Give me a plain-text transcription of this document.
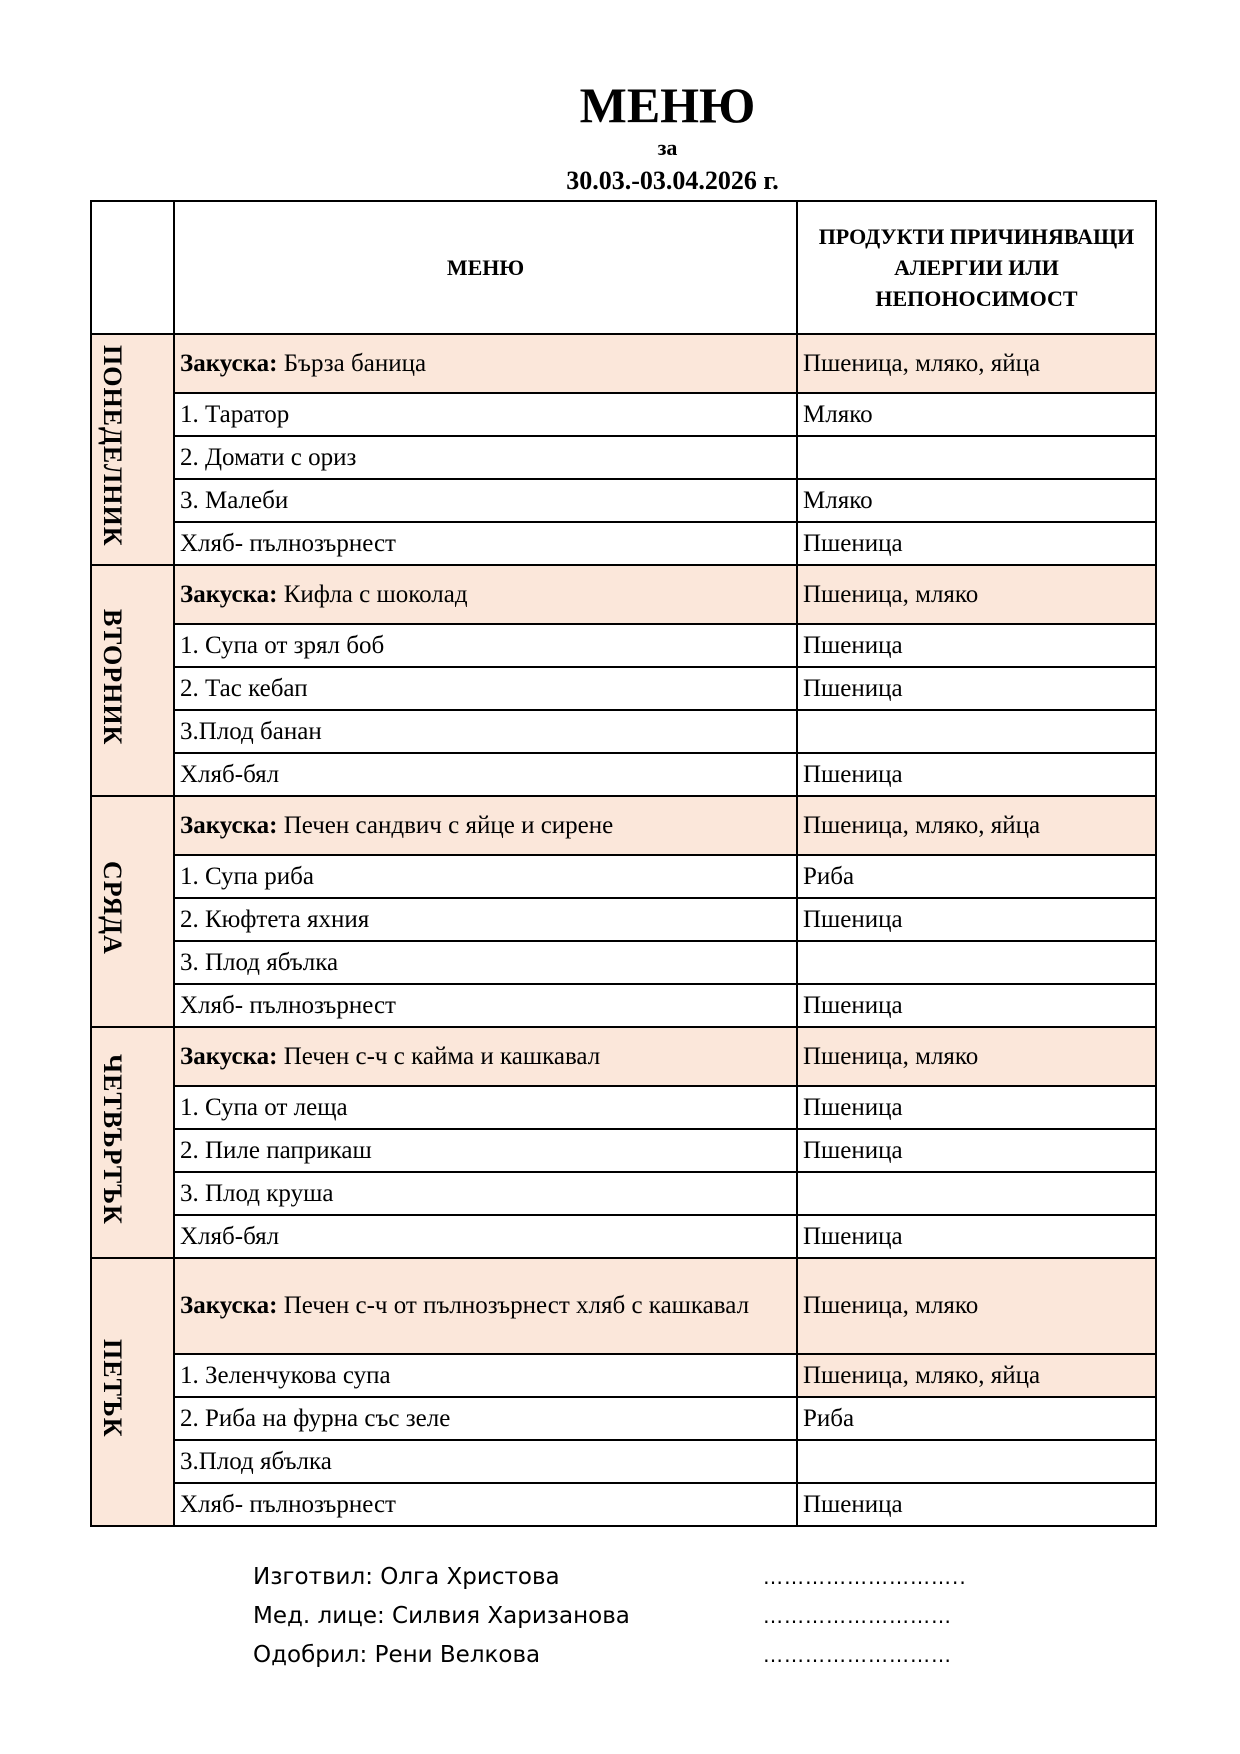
МЕНЮ
за
30.03.-03.04.2026 г.
	МЕНЮ	ПРОДУКТИ ПРИЧИНЯВАЩИ АЛЕРГИИ ИЛИ НЕПОНОСИМОСТ
ПОНЕДЕЛНИК	Закуска: Бърза баница	Пшеница, мляко, яйца
	1. Таратор	Мляко
	2. Домати с ориз	
	3. Малеби	Мляко
	Хляб- пълнозърнест	Пшеница
ВТОРНИК	Закуска: Кифла с шоколад	Пшеница, мляко
	1. Супа от зрял боб	Пшеница
	2. Тас кебап	Пшеница
	3.Плод банан	
	Хляб-бял	Пшеница
СРЯДА	Закуска: Печен сандвич с яйце и сирене	Пшеница, мляко, яйца
	1. Супа риба	Риба
	2. Кюфтета яхния	Пшеница
	3. Плод ябълка	
	Хляб- пълнозърнест	Пшеница
ЧЕТВЪРТЪК	Закуска: Печен с-ч с кайма и кашкавал	Пшеница, мляко
	1. Супа от леща	Пшеница
	2. Пиле паприкаш	Пшеница
	3. Плод круша	
	Хляб-бял	Пшеница
ПЕТЪК	Закуска: Печен с-ч от пълнозърнест хляб с кашкавал	Пшеница, мляко
	1. Зеленчукова супа	Пшеница, мляко, яйца
	2. Риба на фурна със зеле	Риба
	3.Плод ябълка	
	Хляб- пълнозърнест	Пшеница
Изготвил: Олга Христова	………………………..
Мед. лице: Силвия Харизанова	………………………
Одобрил: Рени Велкова	………………………
